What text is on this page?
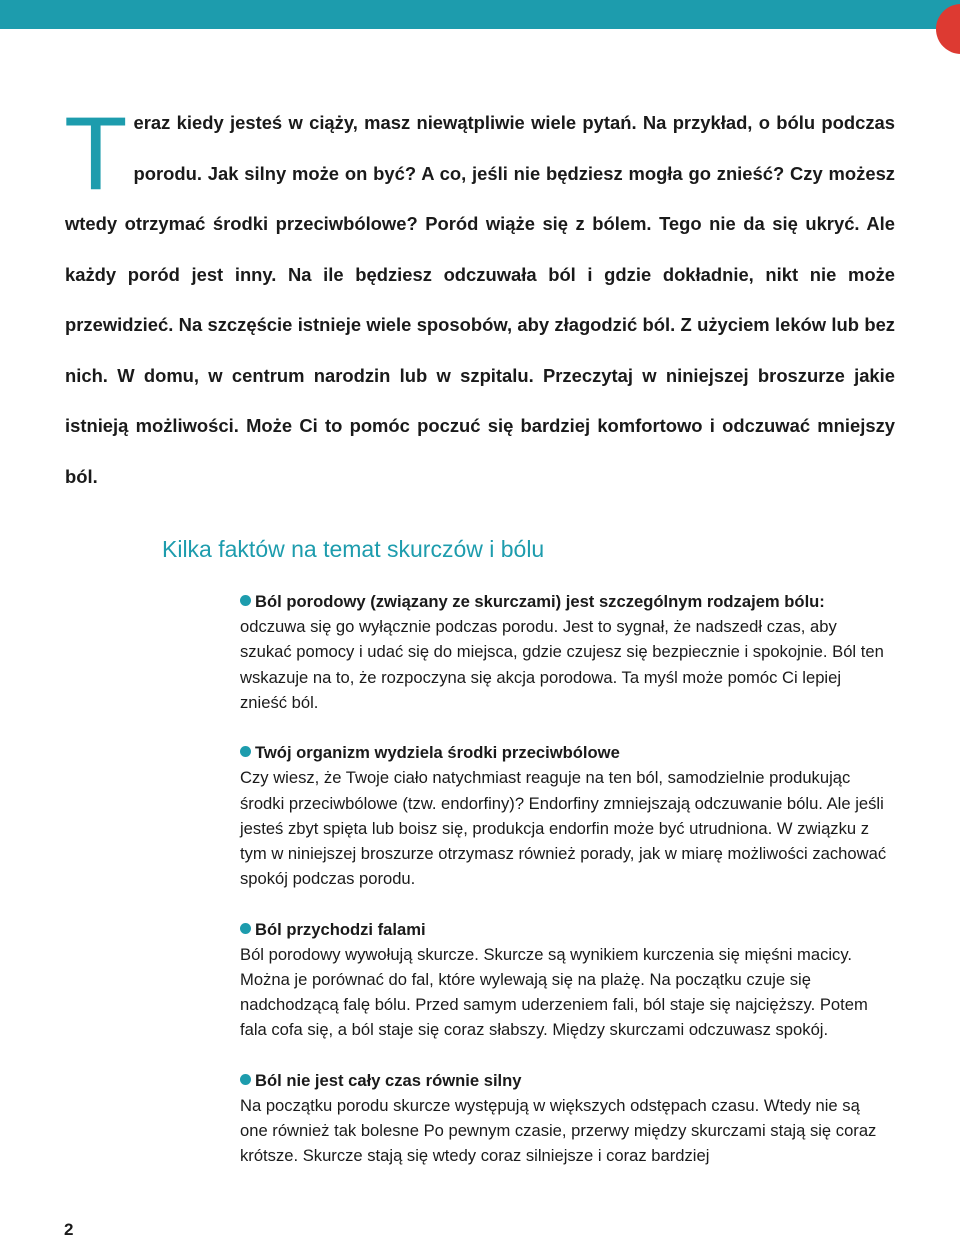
T eraz kiedy jesteś w ciąży, masz niewątpliwie wiele pytań. Na przykład, o bólu podczas porodu. Jak silny może on być? A co, jeśli nie będziesz mogła go znieść? Czy możesz wtedy otrzymać środki przeciwbólowe? Poród wiąże się z bólem. Tego nie da się ukryć. Ale każdy poród jest inny. Na ile będziesz odczuwała ból i gdzie dokładnie, nikt nie może przewidzieć. Na szczęście istnieje wiele sposobów, aby złagodzić ból. Z użyciem leków lub bez nich. W domu, w centrum narodzin lub w szpitalu. Przeczytaj w niniejszej broszurze jakie istnieją możliwości. Może Ci to pomóc poczuć się bardziej komfortowo i odczuwać mniejszy ból.
Kilka faktów na temat skurczów i bólu
Ból porodowy (związany ze skurczami) jest szczególnym rodzajem bólu:

odczuwa się go wyłącznie podczas porodu. Jest to sygnał, że nadszedł czas, aby szukać pomocy i udać się do miejsca, gdzie czujesz się bezpiecznie i spokojnie. Ból ten wskazuje na to, że rozpoczyna się akcja porodowa. Ta myśl może pomóc Ci lepiej znieść ból.

Twój organizm wydziela środki przeciwbólowe

Czy wiesz, że Twoje ciało natychmiast reaguje na ten ból, samodzielnie produkując środki przeciwbólowe (tzw. endorfiny)? Endorfiny zmniejszają odczuwanie bólu. Ale jeśli jesteś zbyt spięta lub boisz się, produkcja endorfin może być utrudniona. W związku z tym w niniejszej broszurze otrzymasz również porady, jak w miarę możliwości zachować spokój podczas porodu.

Ból przychodzi falami

Ból porodowy wywołują skurcze. Skurcze są wynikiem kurczenia się mięśni macicy. Można je porównać do fal, które wylewają się na plażę. Na początku czuje się nadchodzącą falę bólu. Przed samym uderzeniem fali, ból staje się najcięższy. Potem fala cofa się, a ból staje się coraz słabszy. Między skurczami odczuwasz spokój.

Ból nie jest cały czas równie silny

Na początku porodu skurcze występują w większych odstępach czasu. Wtedy nie są one również tak bolesne Po pewnym czasie, przerwy między skurczami stają się coraz krótsze. Skurcze stają się wtedy coraz silniejsze i coraz bardziej

2
